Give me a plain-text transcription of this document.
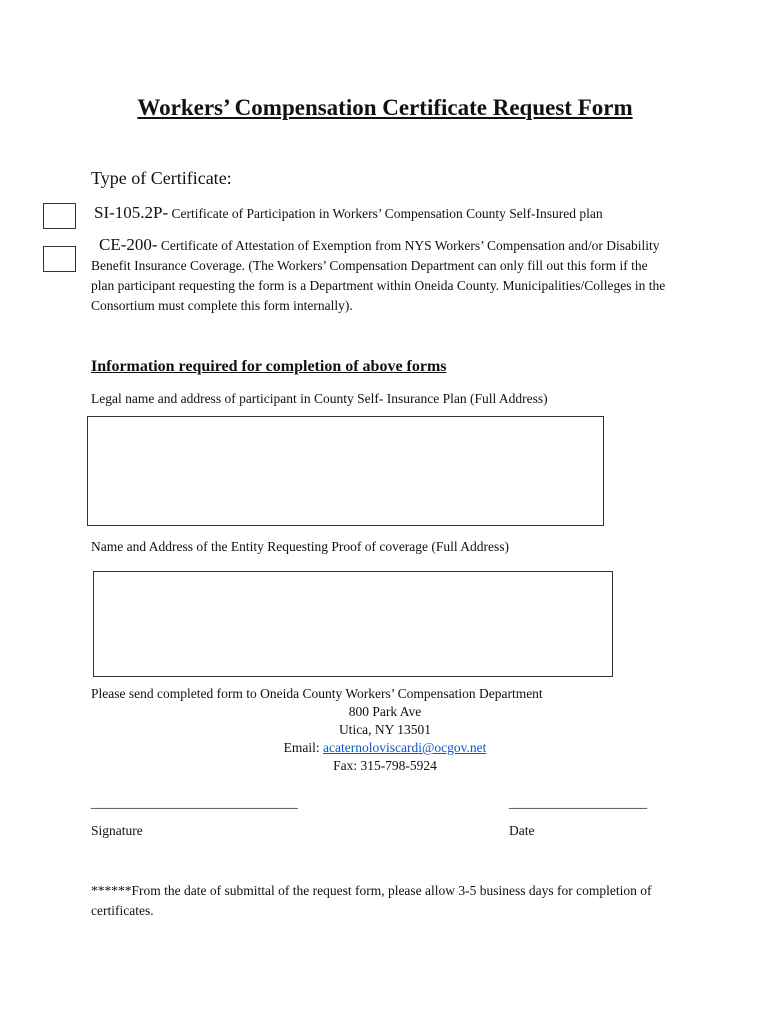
Workers’ Compensation Certificate Request Form
Type of Certificate:
SI-105.2P- Certificate of Participation in Workers’ Compensation County Self-Insured plan
CE-200- Certificate of Attestation of Exemption from NYS Workers’ Compensation and/or Disability Benefit Insurance Coverage. (The Workers’ Compensation Department can only fill out this form if the plan participant requesting the form is a Department within Oneida County. Municipalities/Colleges in the Consortium must complete this form internally).
Information required for completion of above forms
Legal name and address of participant in County Self- Insurance Plan (Full Address)
Name and Address of the Entity Requesting Proof of coverage (Full Address)
Please send completed form to Oneida County Workers’ Compensation Department
800 Park Ave
Utica, NY 13501
Email: acaternoloviscardi@ocgov.net
Fax: 315-798-5924
_________________________________	______________________
Signature	Date
******From the date of submittal of the request form, please allow 3-5 business days for completion of certificates.
